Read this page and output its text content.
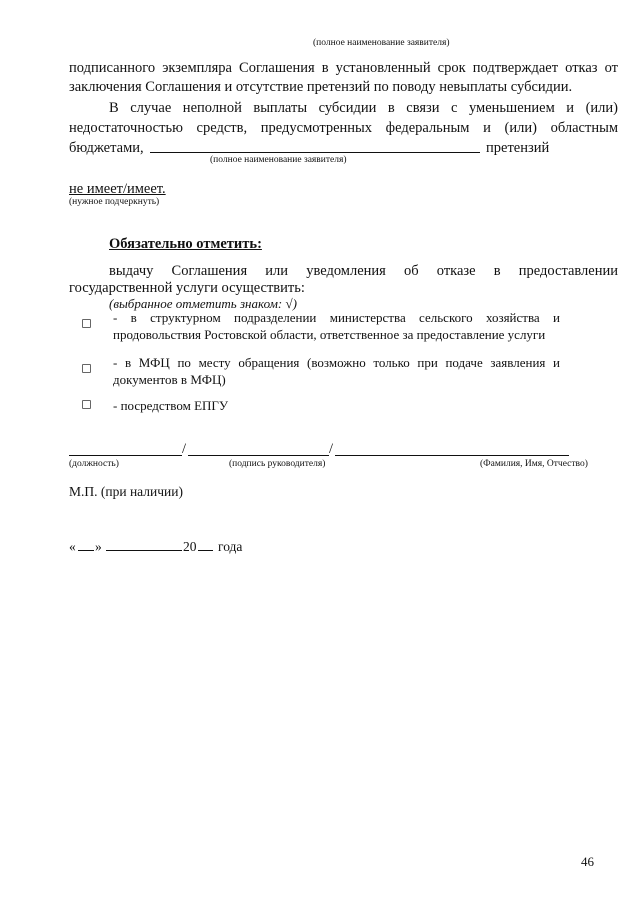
(полное наименование заявителя)
подписанного экземпляра Соглашения в установленный срок подтверждает отказ от
заключения Соглашения и отсутствие претензий по поводу невыплаты субсидии.
В случае неполной выплаты субсидии в связи с уменьшением и (или)
недостаточностью средств, предусмотренных федеральным и (или) областным
бюджетами,	претензий
(полное наименование заявителя)
не имеет/имеет.
(нужное подчеркнуть)
Обязательно отметить:
выдачу Соглашения или уведомления об отказе в предоставлении
государственной услуги осуществить:
(выбранное отметить знаком: √)
- в структурном подразделении министерства сельского хозяйства и
продовольствия Ростовской области, ответственное за предоставление услуги
- в МФЦ по месту обращения (возможно только при подаче заявления и
документов в МФЦ)
- посредством ЕПГУ
/	/
(должность)	(подпись руководителя)	(Фамилия, Имя, Отчество)
М.П. (при наличии)
« »	20 года
46
